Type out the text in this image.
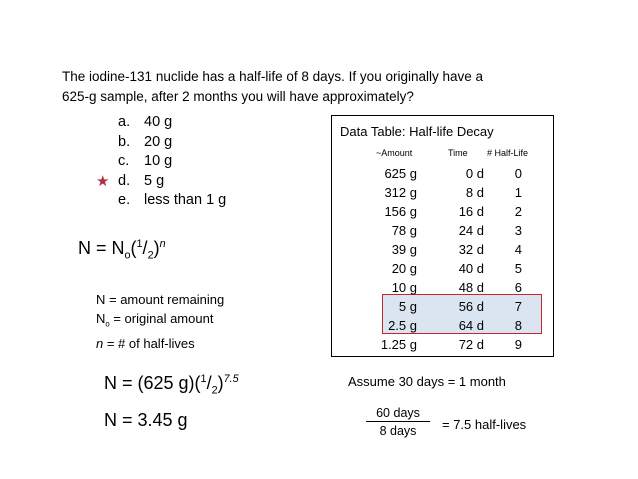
The iodine-131 nuclide has a half-life of 8 days. If you originally have a
625-g sample, after 2 months you will have approximately?
a. 40 g
b. 20 g
c.	10 g
★ d. 5 g
e. less than 1 g
$N = N_o(^1/_2)^n$
N = amount remaining
$N_o$ = original amount
n = # of half-lives
N = (625 $g)(^1/_2)^{7.5}$
N = 3.45 g
Data Table: Half-life Decay
~Amount	Time # Half-Life
625 g	0 d 0
312 g	8 d 1
156 g	16 d 2
78 g	24 d 3
39 g	32 d 4
20 g	40 d 5
10 g	48 d 6
5 g	56 d 7
2.5 g	64 d 8
1.25 g	72 d 9
Assume 30 days = 1 month
60 days
8 days	= 7.5 half-lives
